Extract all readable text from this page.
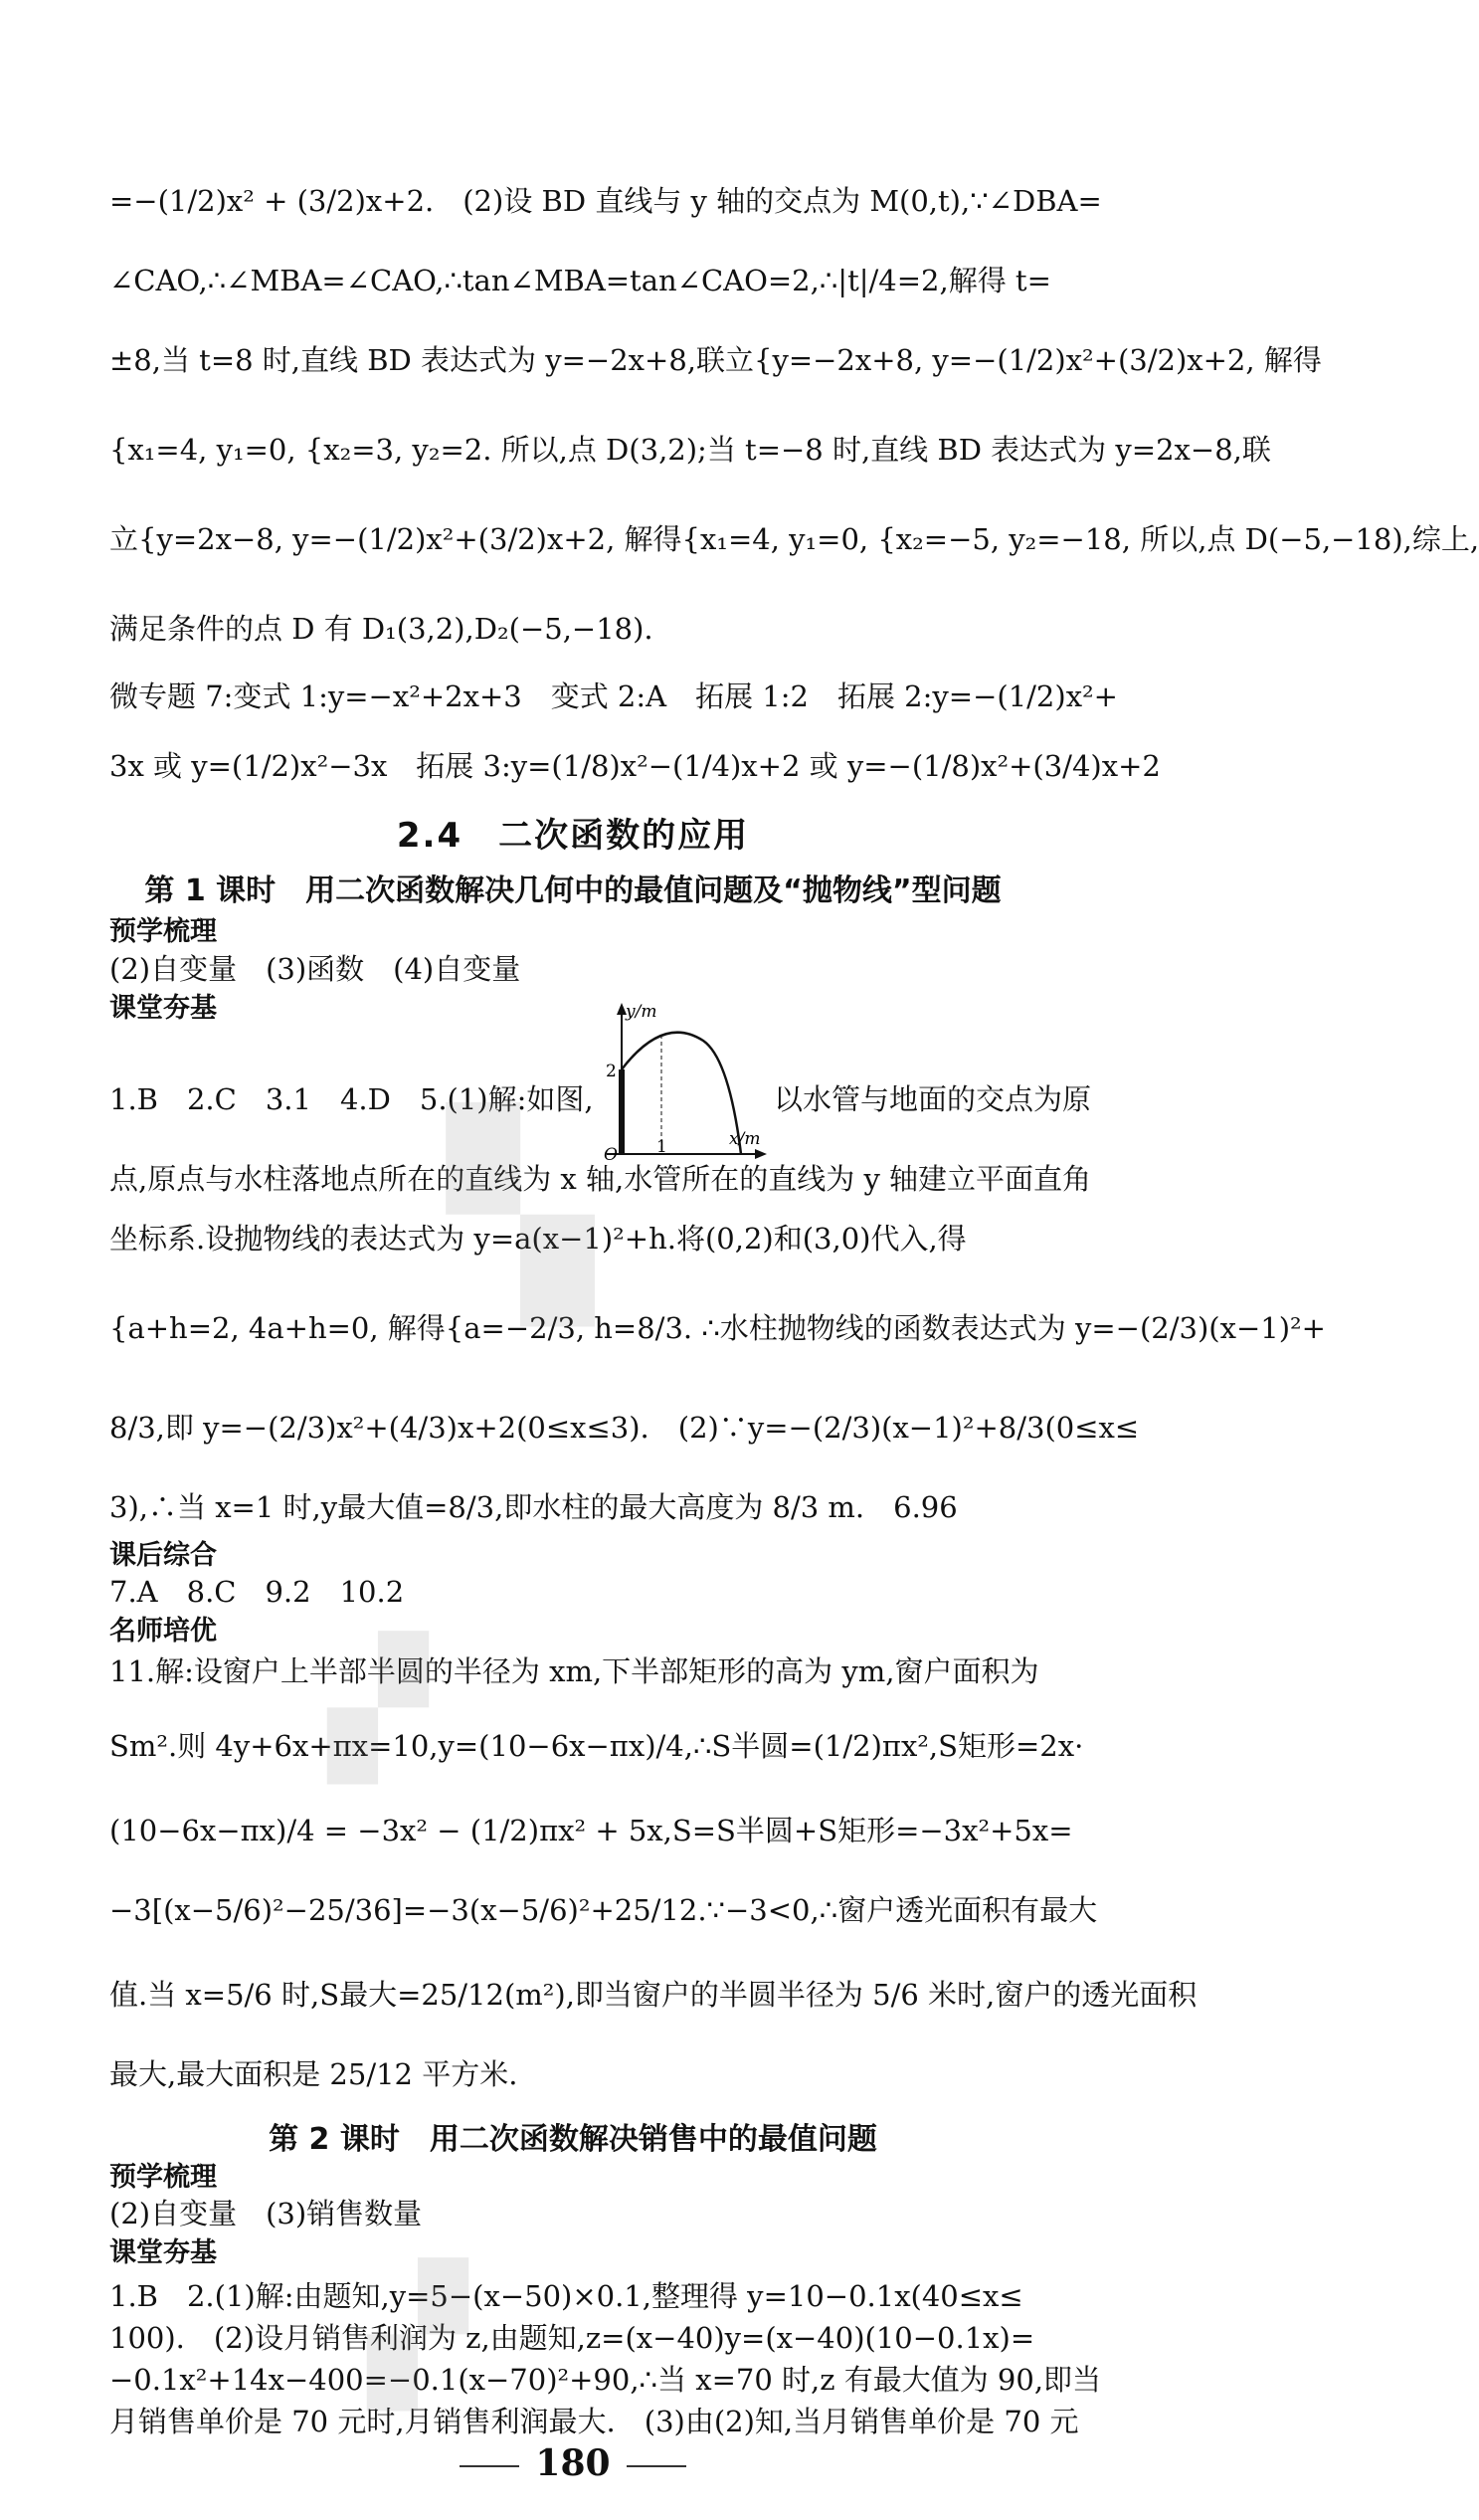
=−(1/2)x² + (3/2)x+2.　(2)设 BD 直线与 y 轴的交点为 M(0,t),∵∠DBA=
∠CAO,∴∠MBA=∠CAO,∴tan∠MBA=tan∠CAO=2,∴|t|/4=2,解得 t=
±8,当 t=8 时,直线 BD 表达式为 y=−2x+8,联立{y=−2x+8, y=−(1/2)x²+(3/2)x+2, 解得
{x₁=4, y₁=0, {x₂=3, y₂=2. 所以,点 D(3,2);当 t=−8 时,直线 BD 表达式为 y=2x−8,联
立{y=2x−8, y=−(1/2)x²+(3/2)x+2, 解得{x₁=4, y₁=0, {x₂=−5, y₂=−18, 所以,点 D(−5,−18),综上,
满足条件的点 D 有 D₁(3,2),D₂(−5,−18).
微专题 7:变式 1:y=−x²+2x+3　变式 2:A　拓展 1:2　拓展 2:y=−(1/2)x²+
3x 或 y=(1/2)x²−3x　拓展 3:y=(1/8)x²−(1/4)x+2 或 y=−(1/8)x²+(3/4)x+2
2.4　二次函数的应用
第 1 课时　用二次函数解决几何中的最值问题及“抛物线”型问题
预学梳理
(2)自变量　(3)函数　(4)自变量
课堂夯基
1.B　2.C　3.1　4.D　5.(1)解:如图,	以水管与地面的交点为原
y/m
x/m
O
2
1
点,原点与水柱落地点所在的直线为 x 轴,水管所在的直线为 y 轴建立平面直角
坐标系.设抛物线的表达式为 y=a(x−1)²+h.将(0,2)和(3,0)代入,得
{a+h=2, 4a+h=0, 解得{a=−2/3, h=8/3. ∴水柱抛物线的函数表达式为 y=−(2/3)(x−1)²+
8/3,即 y=−(2/3)x²+(4/3)x+2(0≤x≤3).　(2)∵y=−(2/3)(x−1)²+8/3(0≤x≤
3),∴当 x=1 时,y最大值=8/3,即水柱的最大高度为 8/3 m.　6.96
课后综合
7.A　8.C　9.2　10.2
名师培优
11.解:设窗户上半部半圆的半径为 xm,下半部矩形的高为 ym,窗户面积为
Sm².则 4y+6x+πx=10,y=(10−6x−πx)/4,∴S半圆=(1/2)πx²,S矩形=2x·
(10−6x−πx)/4 = −3x² − (1/2)πx² + 5x,S=S半圆+S矩形=−3x²+5x=
−3[(x−5/6)²−25/36]=−3(x−5/6)²+25/12.∵−3<0,∴窗户透光面积有最大
值.当 x=5/6 时,S最大=25/12(m²),即当窗户的半圆半径为 5/6 米时,窗户的透光面积
最大,最大面积是 25/12 平方米.
第 2 课时　用二次函数解决销售中的最值问题
预学梳理
(2)自变量　(3)销售数量
课堂夯基
1.B　2.(1)解:由题知,y=5−(x−50)×0.1,整理得 y=10−0.1x(40≤x≤
100).　(2)设月销售利润为 z,由题知,z=(x−40)y=(x−40)(10−0.1x)=
−0.1x²+14x−400=−0.1(x−70)²+90,∴当 x=70 时,z 有最大值为 90,即当
月销售单价是 70 元时,月销售利润最大.　(3)由(2)知,当月销售单价是 70 元
▚
▞
▞
180
